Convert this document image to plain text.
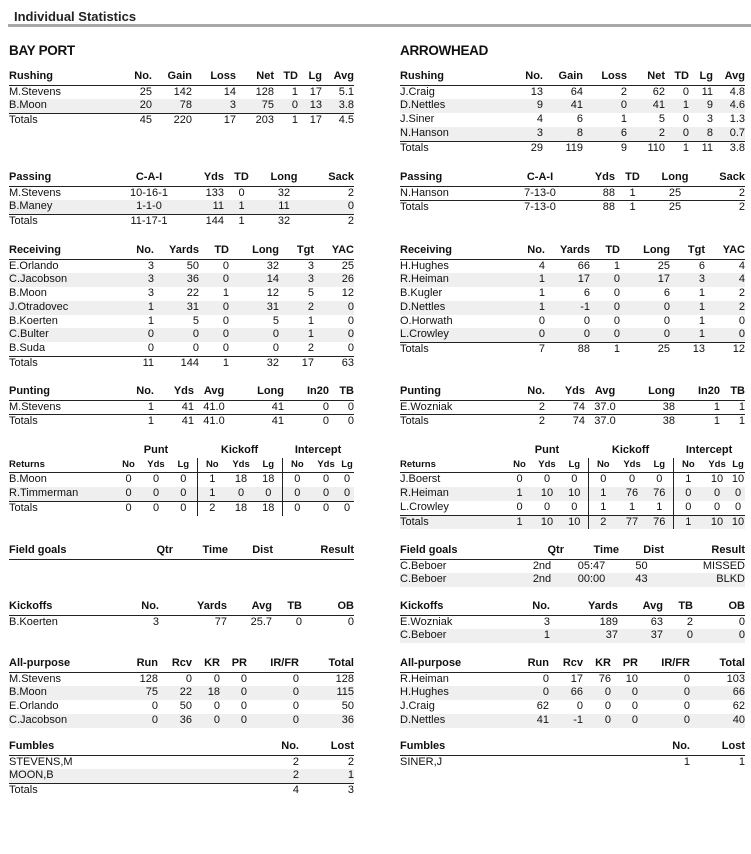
Individual Statistics
BAY PORT
Rushing	No.	Gain	Loss	Net	TD	Lg	Avg
M.Stevens	25	142	14	128	1	17	5.1
B.Moon	20	78	3	75	0	13	3.8
Totals	45	220	17	203	1	17	4.5
Passing	C-A-I	Yds	TD	Long	Sack
M.Stevens	10-16-1	133	0	32	2
B.Maney	1-1-0	11	1	11	0
Totals	11-17-1	144	1	32	2
Receiving	No.	Yards	TD	Long	Tgt	YAC
E.Orlando	3	50	0	32	3	25
C.Jacobson	3	36	0	14	3	26
B.Moon	3	22	1	12	5	12
J.Otradovec	1	31	0	31	2	0
B.Koerten	1	5	0	5	1	0
C.Bulter	0	0	0	0	1	0
B.Suda	0	0	0	0	2	0
Totals	11	144	1	32	17	63
Punting	No.	Yds	Avg	Long	In20	TB
M.Stevens	1	41	41.0	41	0	0
Totals	1	41	41.0	41	0	0
	Punt			Kickoff			Intercept		
Returns	No	Yds	Lg	No	Yds	Lg	No	Yds	Lg
B.Moon	0	0	0	1	18	18	0	0	0
R.Timmerman	0	0	0	1	0	0	0	0	0
Totals	0	0	0	2	18	18	0	0	0
Field goals	Qtr	Time	Dist	Result
Kickoffs	No.	Yards	Avg	TB	OB
B.Koerten	3	77	25.7	0	0
All-purpose	Run	Rcv	KR	PR	IR/FR	Total
M.Stevens	128	0	0	0	0	128
B.Moon	75	22	18	0	0	115
E.Orlando	0	50	0	0	0	50
C.Jacobson	0	36	0	0	0	36
Fumbles	No.	Lost
STEVENS,M	2	2
MOON,B	2	1
Totals	4	3
ARROWHEAD
Rushing	No.	Gain	Loss	Net	TD	Lg	Avg
J.Craig	13	64	2	62	0	11	4.8
D.Nettles	9	41	0	41	1	9	4.6
J.Siner	4	6	1	5	0	3	1.3
N.Hanson	3	8	6	2	0	8	0.7
Totals	29	119	9	110	1	11	3.8
Passing	C-A-I	Yds	TD	Long	Sack
N.Hanson	7-13-0	88	1	25	2
Totals	7-13-0	88	1	25	2
Receiving	No.	Yards	TD	Long	Tgt	YAC
H.Hughes	4	66	1	25	6	4
R.Heiman	1	17	0	17	3	4
B.Kugler	1	6	0	6	1	2
D.Nettles	1	-1	0	0	1	2
O.Horwath	0	0	0	0	1	0
L.Crowley	0	0	0	0	1	0
Totals	7	88	1	25	13	12
Punting	No.	Yds	Avg	Long	In20	TB
E.Wozniak	2	74	37.0	38	1	1
Totals	2	74	37.0	38	1	1
	Punt			Kickoff			Intercept		
Returns	No	Yds	Lg	No	Yds	Lg	No	Yds	Lg
J.Boerst	0	0	0	0	0	0	1	10	10
R.Heiman	1	10	10	1	76	76	0	0	0
L.Crowley	0	0	0	1	1	1	0	0	0
Totals	1	10	10	2	77	76	1	10	10
Field goals	Qtr	Time	Dist	Result
C.Beboer	2nd	05:47	50	MISSED
C.Beboer	2nd	00:00	43	BLKD
Kickoffs	No.	Yards	Avg	TB	OB
E.Wozniak	3	189	63	2	0
C.Beboer	1	37	37	0	0
All-purpose	Run	Rcv	KR	PR	IR/FR	Total
R.Heiman	0	17	76	10	0	103
H.Hughes	0	66	0	0	0	66
J.Craig	62	0	0	0	0	62
D.Nettles	41	-1	0	0	0	40
Fumbles	No.	Lost
SINER,J	1	1
